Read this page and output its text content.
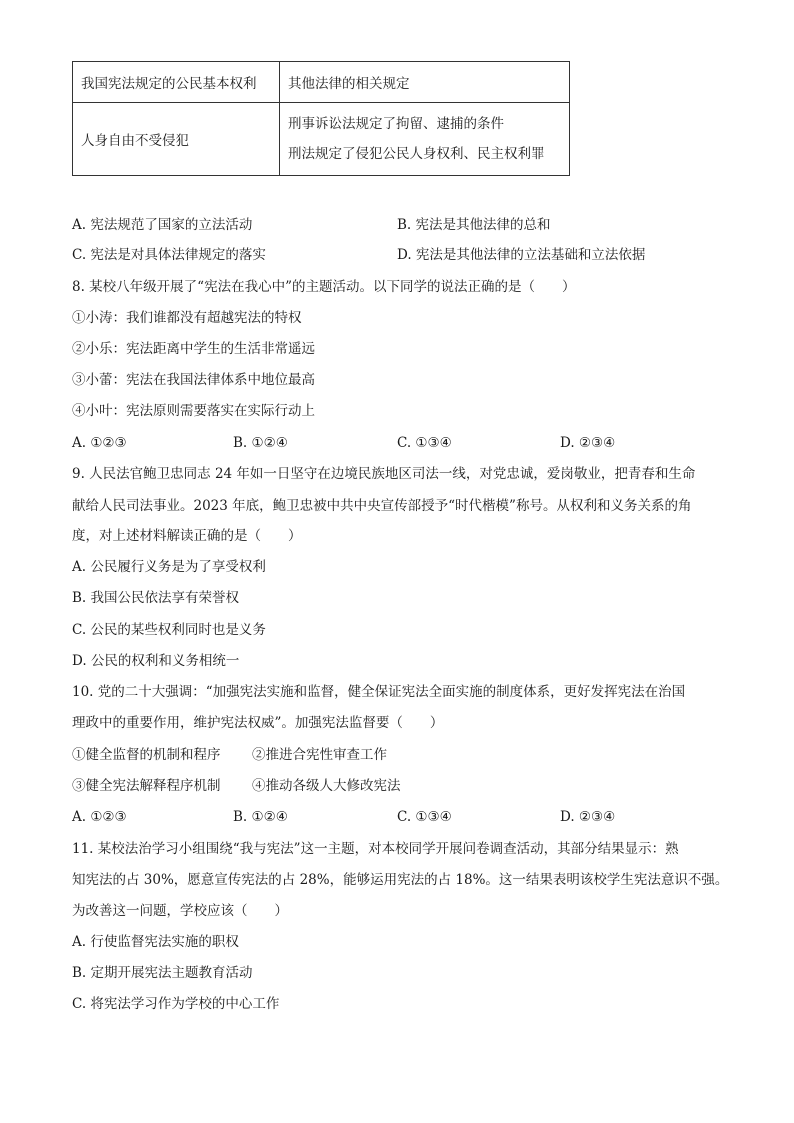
我国宪法规定的公民基本权利	其他法律的相关规定
人身自由不受侵犯	刑事诉讼法规定了拘留、逮捕的条件
刑法规定了侵犯公民人身权利、民主权利罪
A. 宪法规范了国家的立法活动	B. 宪法是其他法律的总和
C. 宪法是对具体法律规定的落实	D. 宪法是其他法律的立法基础和立法依据
8. 某校八年级开展了“宪法在我心中”的主题活动。以下同学的说法正确的是（　　）
①小涛：我们谁都没有超越宪法的特权
②小乐：宪法距离中学生的生活非常遥远
③小蕾：宪法在我国法律体系中地位最高
④小叶：宪法原则需要落实在实际行动上
A. ①②③	B. ①②④	C. ①③④	D. ②③④
9. 人民法官鲍卫忠同志 24 年如一日坚守在边境民族地区司法一线，对党忠诚，爱岗敬业，把青春和生命
献给人民司法事业。2023 年底，鲍卫忠被中共中央宣传部授予“时代楷模”称号。从权利和义务关系的角
度，对上述材料解读正确的是（　　）
A. 公民履行义务是为了享受权利
B. 我国公民依法享有荣誉权
C. 公民的某些权利同时也是义务
D. 公民的权利和义务相统一
10. 党的二十大强调：“加强宪法实施和监督，健全保证宪法全面实施的制度体系，更好发挥宪法在治国
理政中的重要作用，维护宪法权威”。加强宪法监督要（　　）
①健全监督的机制和程序 ②推进合宪性审查工作
③健全宪法解释程序机制 ④推动各级人大修改宪法
A. ①②③	B. ①②④	C. ①③④	D. ②③④
11. 某校法治学习小组围绕“我与宪法”这一主题，对本校同学开展问卷调查活动，其部分结果显示：熟
知宪法的占 30%，愿意宣传宪法的占 28%，能够运用宪法的占 18%。这一结果表明该校学生宪法意识不强。
为改善这一问题，学校应该（　　）
A. 行使监督宪法实施的职权
B. 定期开展宪法主题教育活动
C. 将宪法学习作为学校的中心工作
